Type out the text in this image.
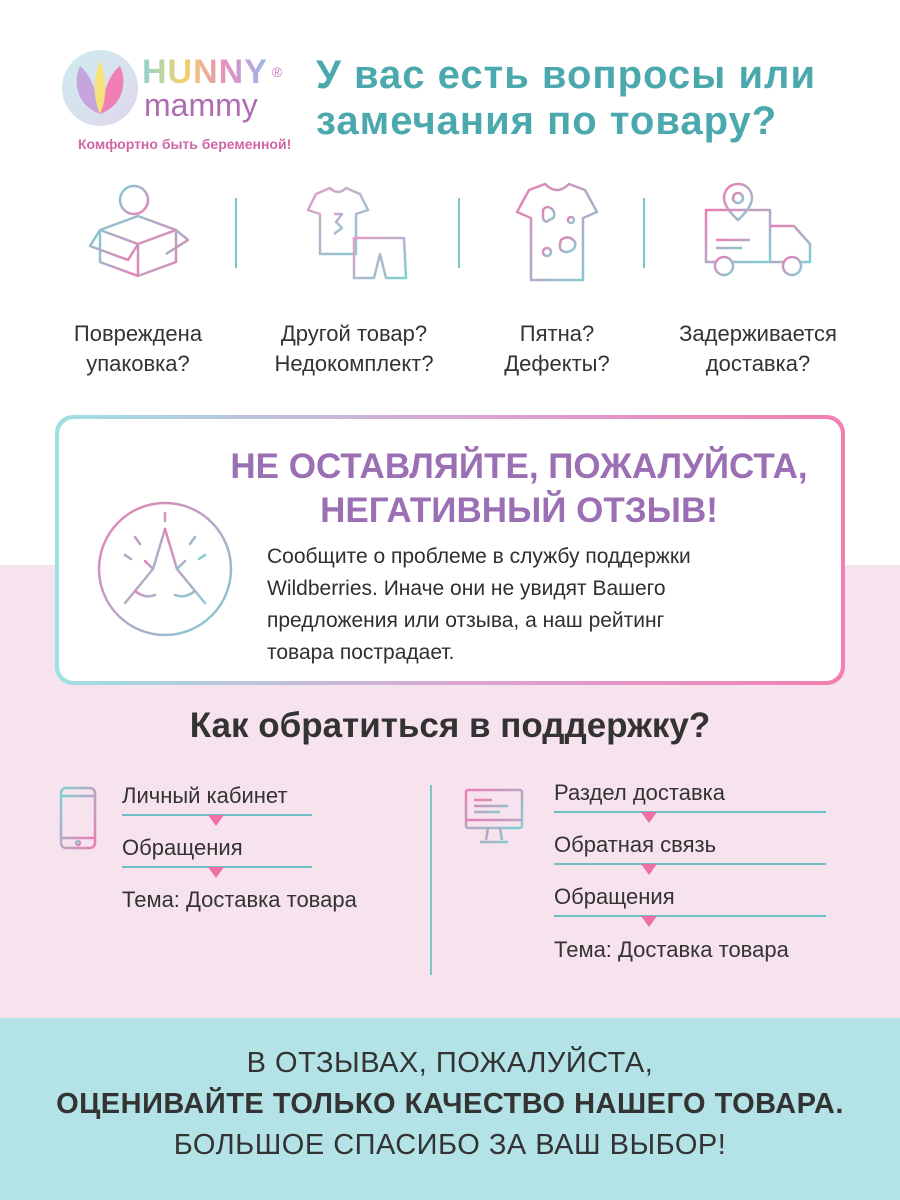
HUNNY ®
mammy
Комфортно быть беременной!
У вас есть вопросы или замечания по товару?
Повреждена
упаковка?
Другой товар?
Недокомплект?
Пятна?
Дефекты?
Задерживается
доставка?
НЕ ОСТАВЛЯЙТЕ, ПОЖАЛУЙСТА,
НЕГАТИВНЫЙ ОТЗЫВ!
Сообщите о проблеме в службу поддержки
Wildberries. Иначе они не увидят Вашего
предложения или отзыва, а наш рейтинг
товара пострадает.
Как обратиться в поддержку?
Личный кабинет
Обращения
Тема: Доставка товара
Раздел доставка
Обратная связь
Обращения
Тема: Доставка товара
В ОТЗЫВАХ, ПОЖАЛУЙСТА,
ОЦЕНИВАЙТЕ ТОЛЬКО КАЧЕСТВО НАШЕГО ТОВАРА.
БОЛЬШОЕ СПАСИБО ЗА ВАШ ВЫБОР!
